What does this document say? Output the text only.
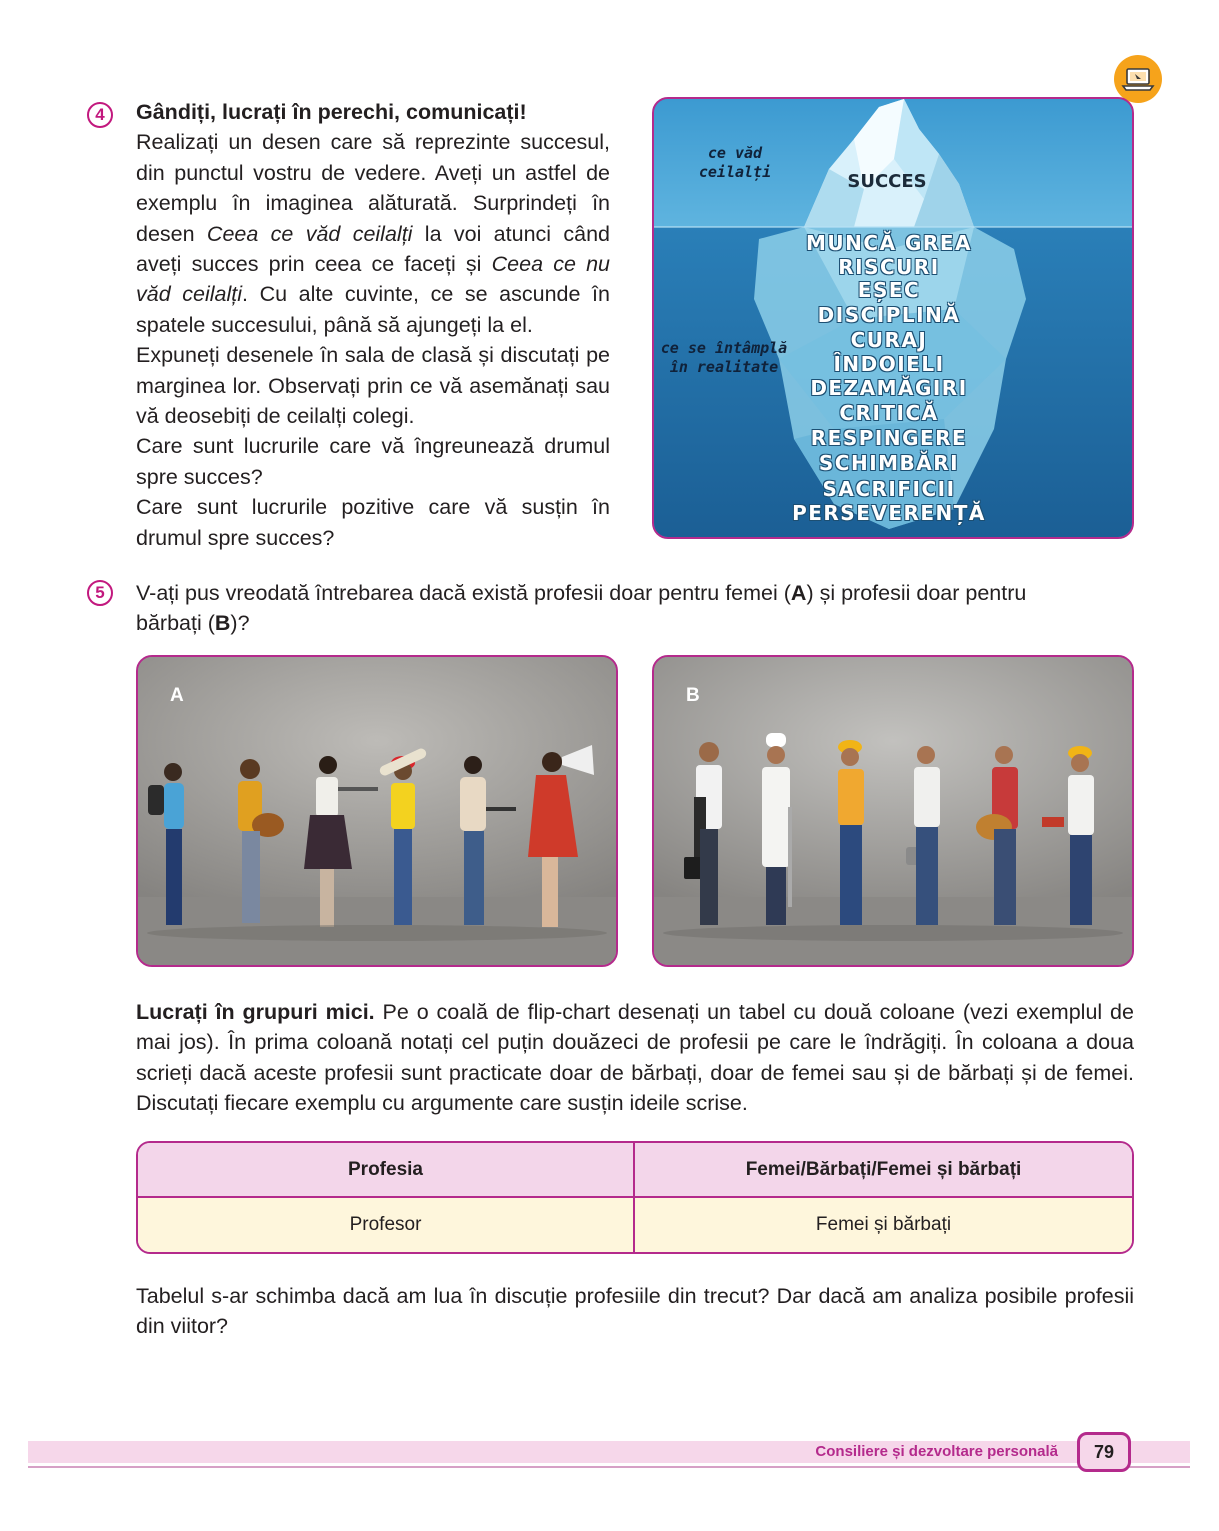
4 Gândiți, lucrați în perechi, comunicați!
Realizați un desen care să reprezinte succesul, din punctul vostru de vedere. Aveți un astfel de exemplu în imaginea alăturată. Surprindeți în desen Ceea ce văd ceilalți la voi atunci când aveți succes prin ceea ce faceți și Ceea ce nu văd ceilalți. Cu alte cuvinte, ce se ascunde în spatele succesului, până să ajungeți la el.
Expuneți desenele în sala de clasă și discutați pe marginea lor. Observați prin ce vă asemănați sau vă deosebiți de ceilalți colegi.
Care sunt lucrurile care vă îngreunează drumul spre succes?
Care sunt lucrurile pozitive care vă susțin în drumul spre succes?
ce văd ceilalți	SUCCES
ce se întâmplă
în realitate
MUNCĂ GREA
RISCURI
EȘEC
DISCIPLINĂ
CURAJ
ÎNDOIELI
DEZAMĂGIRI
CRITICĂ
RESPINGERE
SCHIMBĂRI
SACRIFICII
PERSEVERENȚĂ
5 V-ați pus vreodată întrebarea dacă există profesii doar pentru femei (A) și profesii doar pentru bărbați (B)?
A	B
Lucrați în grupuri mici. Pe o coală de flip-chart desenați un tabel cu două coloane (vezi exemplul de mai jos). În prima coloană notați cel puțin douăzeci de profesii pe care le îndrăgiți. În coloana a doua scrieți dacă aceste profesii sunt practicate doar de bărbați, doar de femei sau și de bărbați și de femei. Discutați fiecare exemplu cu argumente care susțin ideile scrise.
Profesia	Femei/Bărbați/Femei și bărbați
Profesor	Femei și bărbați
Tabelul s-ar schimba dacă am lua în discuție profesiile din trecut? Dar dacă am analiza posibile profesii din viitor?
Consiliere și dezvoltare personală 79
